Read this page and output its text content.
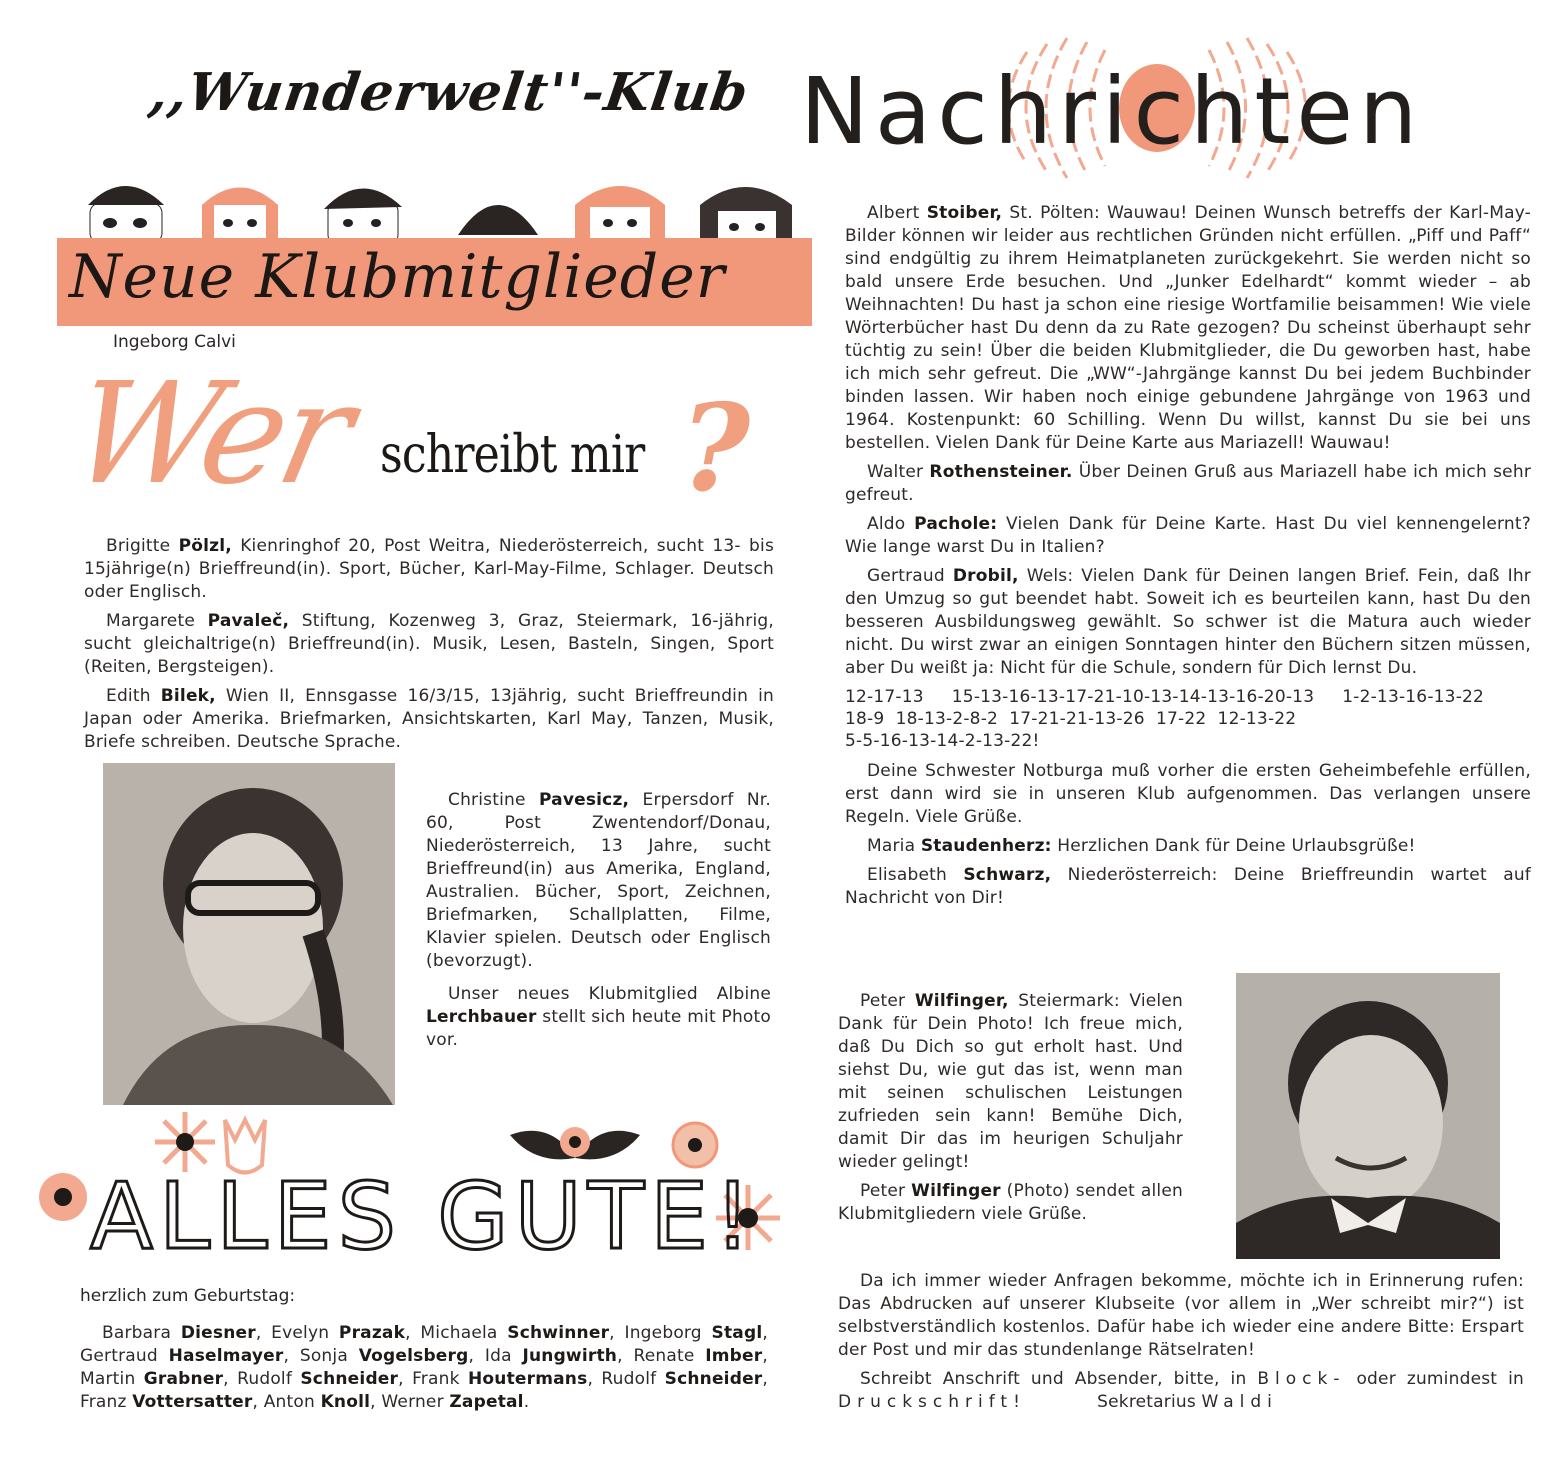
,,Wunderwelt''-Klub Nachrichten
Neue Klubmitglieder
Ingeborg Calvi
Wer schreibt mir ?

Brigitte Pölzl, Kienringhof 20, Post Weitra, Niederösterreich, sucht 13- bis 15jährige(n) Brieffreund(in). Sport, Bücher, Karl-May-Filme, Schlager. Deutsch oder Englisch.

Margarete Pavaleč, Stiftung, Kozenweg 3, Graz, Steiermark, 16-jährig, sucht gleichaltrige(n) Brieffreund(in). Musik, Lesen, Basteln, Singen, Sport (Reiten, Bergsteigen).

Edith Bilek, Wien II, Ennsgasse 16/3/15, 13jährig, sucht Brieffreundin in Japan oder Amerika. Briefmarken, Ansichtskarten, Karl May, Tanzen, Musik, Briefe schreiben. Deutsche Sprache.

Christine Pavesicz, Erpersdorf Nr. 60, Post Zwentendorf/Donau, Niederösterreich, 13 Jahre, sucht Brieffreund(in) aus Amerika, England, Australien. Bücher, Sport, Zeichnen, Briefmarken, Schallplatten, Filme, Klavier spielen. Deutsch oder Englisch (bevorzugt).

Unser neues Klubmitglied Albine Lerchbauer stellt sich heute mit Photo vor.

ALLES GUTE!
herzlich zum Geburtstag:

Barbara Diesner, Evelyn Prazak, Michaela Schwinner, Ingeborg Stagl, Gertraud Haselmayer, Sonja Vogelsberg, Ida Jungwirth, Renate Imber, Martin Grabner, Rudolf Schneider, Frank Houtermans, Rudolf Schneider, Franz Vottersatter, Anton Knoll, Werner Zapetal.

Albert Stoiber, St. Pölten: Wauwau! Deinen Wunsch betreffs der Karl-May-Bilder können wir leider aus rechtlichen Gründen nicht erfüllen. „Piff und Paff“ sind endgültig zu ihrem Heimatplaneten zurückgekehrt. Sie werden nicht so bald unsere Erde besuchen. Und „Junker Edelhardt“ kommt wieder – ab Weihnachten! Du hast ja schon eine riesige Wortfamilie beisammen! Wie viele Wörterbücher hast Du denn da zu Rate gezogen? Du scheinst überhaupt sehr tüchtig zu sein! Über die beiden Klubmitglieder, die Du geworben hast, habe ich mich sehr gefreut. Die „WW“-Jahrgänge kannst Du bei jedem Buchbinder binden lassen. Wir haben noch einige gebundene Jahrgänge von 1963 und 1964. Kostenpunkt: 60 Schilling. Wenn Du willst, kannst Du sie bei uns bestellen. Vielen Dank für Deine Karte aus Mariazell! Wauwau!

Walter Rothensteiner. Über Deinen Gruß aus Mariazell habe ich mich sehr gefreut.

Aldo Pachole: Vielen Dank für Deine Karte. Hast Du viel kennengelernt? Wie lange warst Du in Italien?

Gertraud Drobil, Wels: Vielen Dank für Deinen langen Brief. Fein, daß Ihr den Umzug so gut beendet habt. Soweit ich es beurteilen kann, hast Du den besseren Ausbildungsweg gewählt. So schwer ist die Matura auch wieder nicht. Du wirst zwar an einigen Sonntagen hinter den Büchern sitzen müssen, aber Du weißt ja: Nicht für die Schule, sondern für Dich lernst Du.

12-17-13     15-13-16-13-17-21-10-13-14-13-16-20-13     1-2-13-16-13-22
18-9  18-13-2-8-2  17-21-21-13-26  17-22  12-13-22
5-5-16-13-14-2-13-22!

Deine Schwester Notburga muß vorher die ersten Geheimbefehle erfüllen, erst dann wird sie in unseren Klub aufgenommen. Das verlangen unsere Regeln. Viele Grüße.

Maria Staudenherz: Herzlichen Dank für Deine Urlaubsgrüße!

Elisabeth Schwarz, Niederösterreich: Deine Brieffreundin wartet auf Nachricht von Dir!

Peter Wilfinger, Steiermark: Vielen Dank für Dein Photo! Ich freue mich, daß Du Dich so gut erholt hast. Und siehst Du, wie gut das ist, wenn man mit seinen schulischen Leistungen zufrieden sein kann! Bemühe Dich, damit Dir das im heurigen Schuljahr wieder gelingt!

Peter Wilfinger (Photo) sendet allen Klubmitgliedern viele Grüße.

Da ich immer wieder Anfragen bekomme, möchte ich in Erinnerung rufen: Das Abdrucken auf unserer Klubseite (vor allem in „Wer schreibt mir?“) ist selbstverständlich kostenlos. Dafür habe ich wieder eine andere Bitte: Erspart der Post und mir das stundenlange Rätselraten!

Schreibt Anschrift und Absender, bitte, in Block- oder zumindest in Druckschrift!	Sekretarius Waldi
